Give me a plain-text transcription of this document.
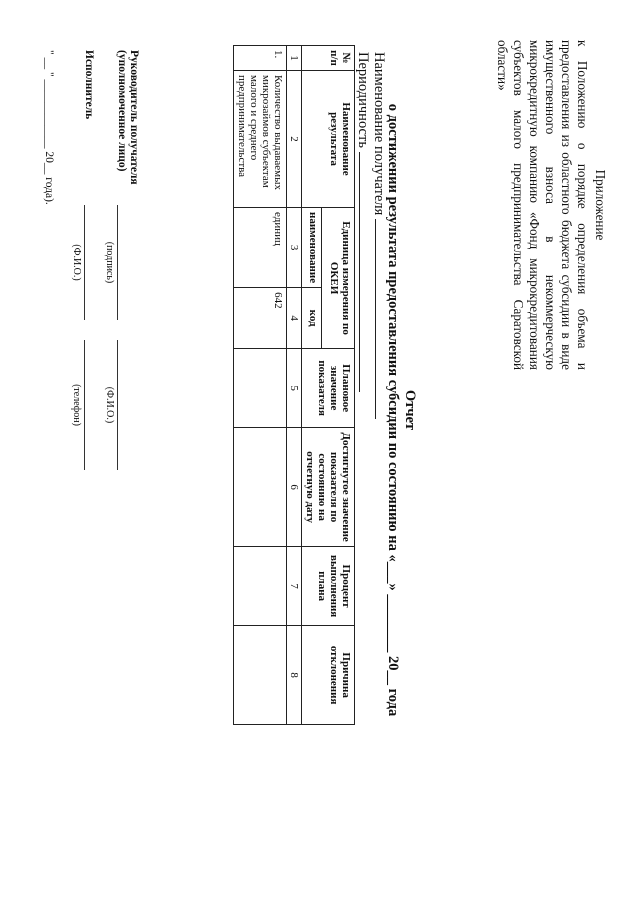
Приложение
к Положению о порядке определения объема и предоставления из областного бюджета субсидии в виде имущественного взноса в некоммерческую микрокредитную компанию «Фонд микрокредитования субъектов малого предпринимательства Саратовской области»
Отчет
о достижении результата предоставления субсидии по состоянию на «___» ________ 20__ года
Наименование получателя
Периодичность
№ п/п	Наименование результата	Единица измерения по ОКЕИ		Плановое значение показателя	Достигнутое значение показателя по состоянию на отчетную дату	Процент выполнения плана	Причина отклонения
		наименование	код				
1	2	3	4	5	6	7	8
1.	Количество выдаваемых микрозаймов субъектам малого и среднего предпринимательства	единиц	642				
Руководитель получателя
(уполномоченное лицо)
(подпись)
(Ф.И.О.)
Исполнитель
(Ф.И.О.)
(телефон)
" __ " ____________ 20__ года).
